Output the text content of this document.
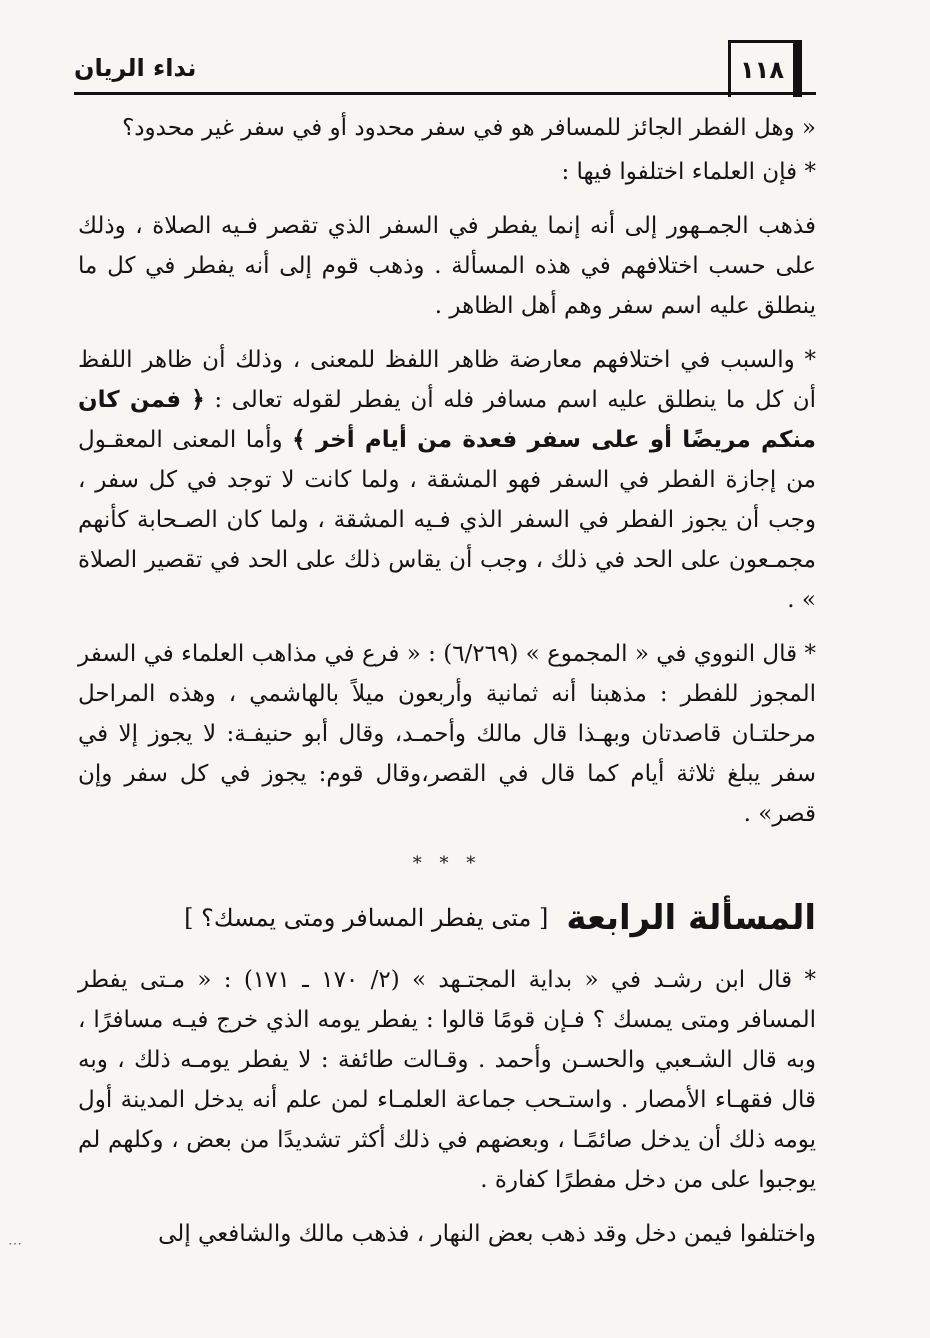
نداء الريان	١١٨

« وهل الفطر الجائز للمسافر هو في سفر محدود أو في سفر غير محدود؟

* فإن العلماء اختلفوا فيها :

فذهب الجمـهور إلى أنه إنما يفطر في السفر الذي تقصر فـيه الصلاة ، وذلك على حسب اختلافهم في هذه المسألة . وذهب قوم إلى أنه يفطر في كل ما ينطلق عليه اسم سفر وهم أهل الظاهر .

* والسبب في اختلافهم معارضة ظاهر اللفظ للمعنى ، وذلك أن ظاهر اللفظ أن كل ما ينطلق عليه اسم مسافر فله أن يفطر لقوله تعالى : ﴿ فمن كان منكم مريضًا أو على سفر فعدة من أيام أخر ﴾ وأما المعنى المعقـول من إجازة الفطر في السفر فهو المشقة ، ولما كانت لا توجد في كل سفر ، وجب أن يجوز الفطر في السفر الذي فـيه المشقة ، ولما كان الصـحابة كأنهم مجمـعون على الحد في ذلك ، وجب أن يقاس ذلك على الحد في تقصير الصلاة » .

* قال النووي في « المجموع » (٦/٢٦٩) : « فرع في مذاهب العلماء في السفر المجوز للفطر : مذهبنا أنه ثمانية وأربعون ميلاً بالهاشمي ، وهذه المراحل مرحلتـان قاصدتان وبهـذا قال مالك وأحمـد، وقال أبو حنيفـة: لا يجوز إلا في سفر يبلغ ثلاثة أيام كما قال في القصر،وقال قوم: يجوز في كل سفر وإن قصر» .

* * *
المسألة الرابعة
[ متى يفطر المسافر ومتى يمسك؟ ]

* قال ابن رشـد في « بداية المجتـهد » (٢/ ١٧٠ ـ ١٧١) : « مـتى يفطر المسافر ومتى يمسك ؟ فـإن قومًا قالوا : يفطر يومه الذي خرج فيـه مسافرًا ، وبه قال الشـعبي والحسـن وأحمد . وقـالت طائفة : لا يفطر يومـه ذلك ، وبه قال فقهـاء الأمصار . واستـحب جماعة العلمـاء لمن علم أنه يدخل المدينة أول يومه ذلك أن يدخل صائمًـا ، وبعضهم في ذلك أكثر تشديدًا من بعض ، وكلهم لم يوجبوا على من دخل مفطرًا كفارة .

واختلفوا فيمن دخل وقد ذهب بعض النهار ، فذهب مالك والشافعي إلى

⋯
